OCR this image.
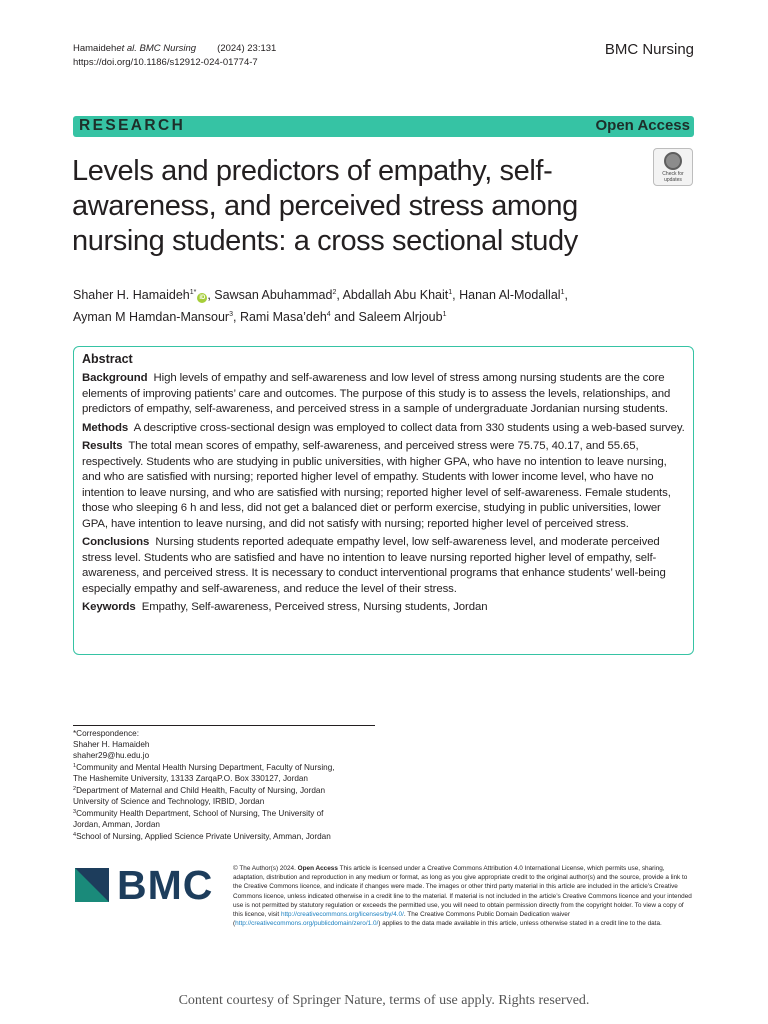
Hamaidehet al. BMC Nursing (2024) 23:131
https://doi.org/10.1186/s12912-024-01774-7
BMC Nursing
RESEARCH	Open Access
Levels and predictors of empathy, self-awareness, and perceived stress among nursing students: a cross sectional study
Check for
updates
Shaher H. Hamaideh$^{1*}$iD , Sawsan Abuhammad$^2$, Abdallah Abu Khait$^1$, Hanan Al-Modallal$^1$,
Ayman M Hamdan-Mansour$^3$, Rami Masa’deh$^4$ and Saleem Alrjoub$^1$
Abstract

Background High levels of empathy and self-awareness and low level of stress among nursing students are the core elements of improving patients’ care and outcomes. The purpose of this study is to assess the levels, relationships, and predictors of empathy, self-awareness, and perceived stress in a sample of undergraduate Jordanian nursing students.

Methods A descriptive cross-sectional design was employed to collect data from 330 students using a web-based survey.

Results The total mean scores of empathy, self-awareness, and perceived stress were 75.75, 40.17, and 55.65, respectively. Students who are studying in public universities, with higher GPA, who have no intention to leave nursing, and who are satisfied with nursing; reported higher level of empathy. Students with lower income level, who have no intention to leave nursing, and who are satisfied with nursing; reported higher level of self-awareness. Female students, those who sleeping 6 h and less, did not get a balanced diet or perform exercise, studying in public universities, lower GPA, have intention to leave nursing, and did not satisfy with nursing; reported higher level of perceived stress.

Conclusions Nursing students reported adequate empathy level, low self-awareness level, and moderate perceived stress level. Students who are satisfied and have no intention to leave nursing reported higher level of empathy, self-awareness, and perceived stress. It is necessary to conduct interventional programs that enhance students’ well-being especially empathy and self-awareness, and reduce the level of their stress.

Keywords Empathy, Self-awareness, Perceived stress, Nursing students, Jordan

*Correspondence:
Shaher H. Hamaideh
shaher29@hu.edu.jo
$^1$Community and Mental Health Nursing Department, Faculty of Nursing,
The Hashemite University, 13133 ZarqaP.O. Box 330127, Jordan
$^2$Department of Maternal and Child Health, Faculty of Nursing, Jordan
University of Science and Technology, IRBID, Jordan
$^3$Community Health Department, School of Nursing, The University of
Jordan, Amman, Jordan
$^4$School of Nursing, Applied Science Private University, Amman, Jordan
BMC	© The Author(s) 2024. Open Access This article is licensed under a Creative Commons Attribution 4.0 International License, which permits use, sharing, adaptation, distribution and reproduction in any medium or format, as long as you give appropriate credit to the original author(s) and the source, provide a link to the Creative Commons licence, and indicate if changes were made. The images or other third party material in this article are included in the article’s Creative Commons licence, unless indicated otherwise in a credit line to the material. If material is not included in the article’s Creative Commons licence and your intended use is not permitted by statutory regulation or exceeds the permitted use, you will need to obtain permission directly from the copyright holder. To view a copy of this licence, visit http://creativecommons.org/licenses/by/4.0/. The Creative Commons Public Domain Dedication waiver (http://creativecommons.org/publicdomain/zero/1.0/) applies to the data made available in this article, unless otherwise stated in a credit line to the data.
Content courtesy of Springer Nature, terms of use apply. Rights reserved.
